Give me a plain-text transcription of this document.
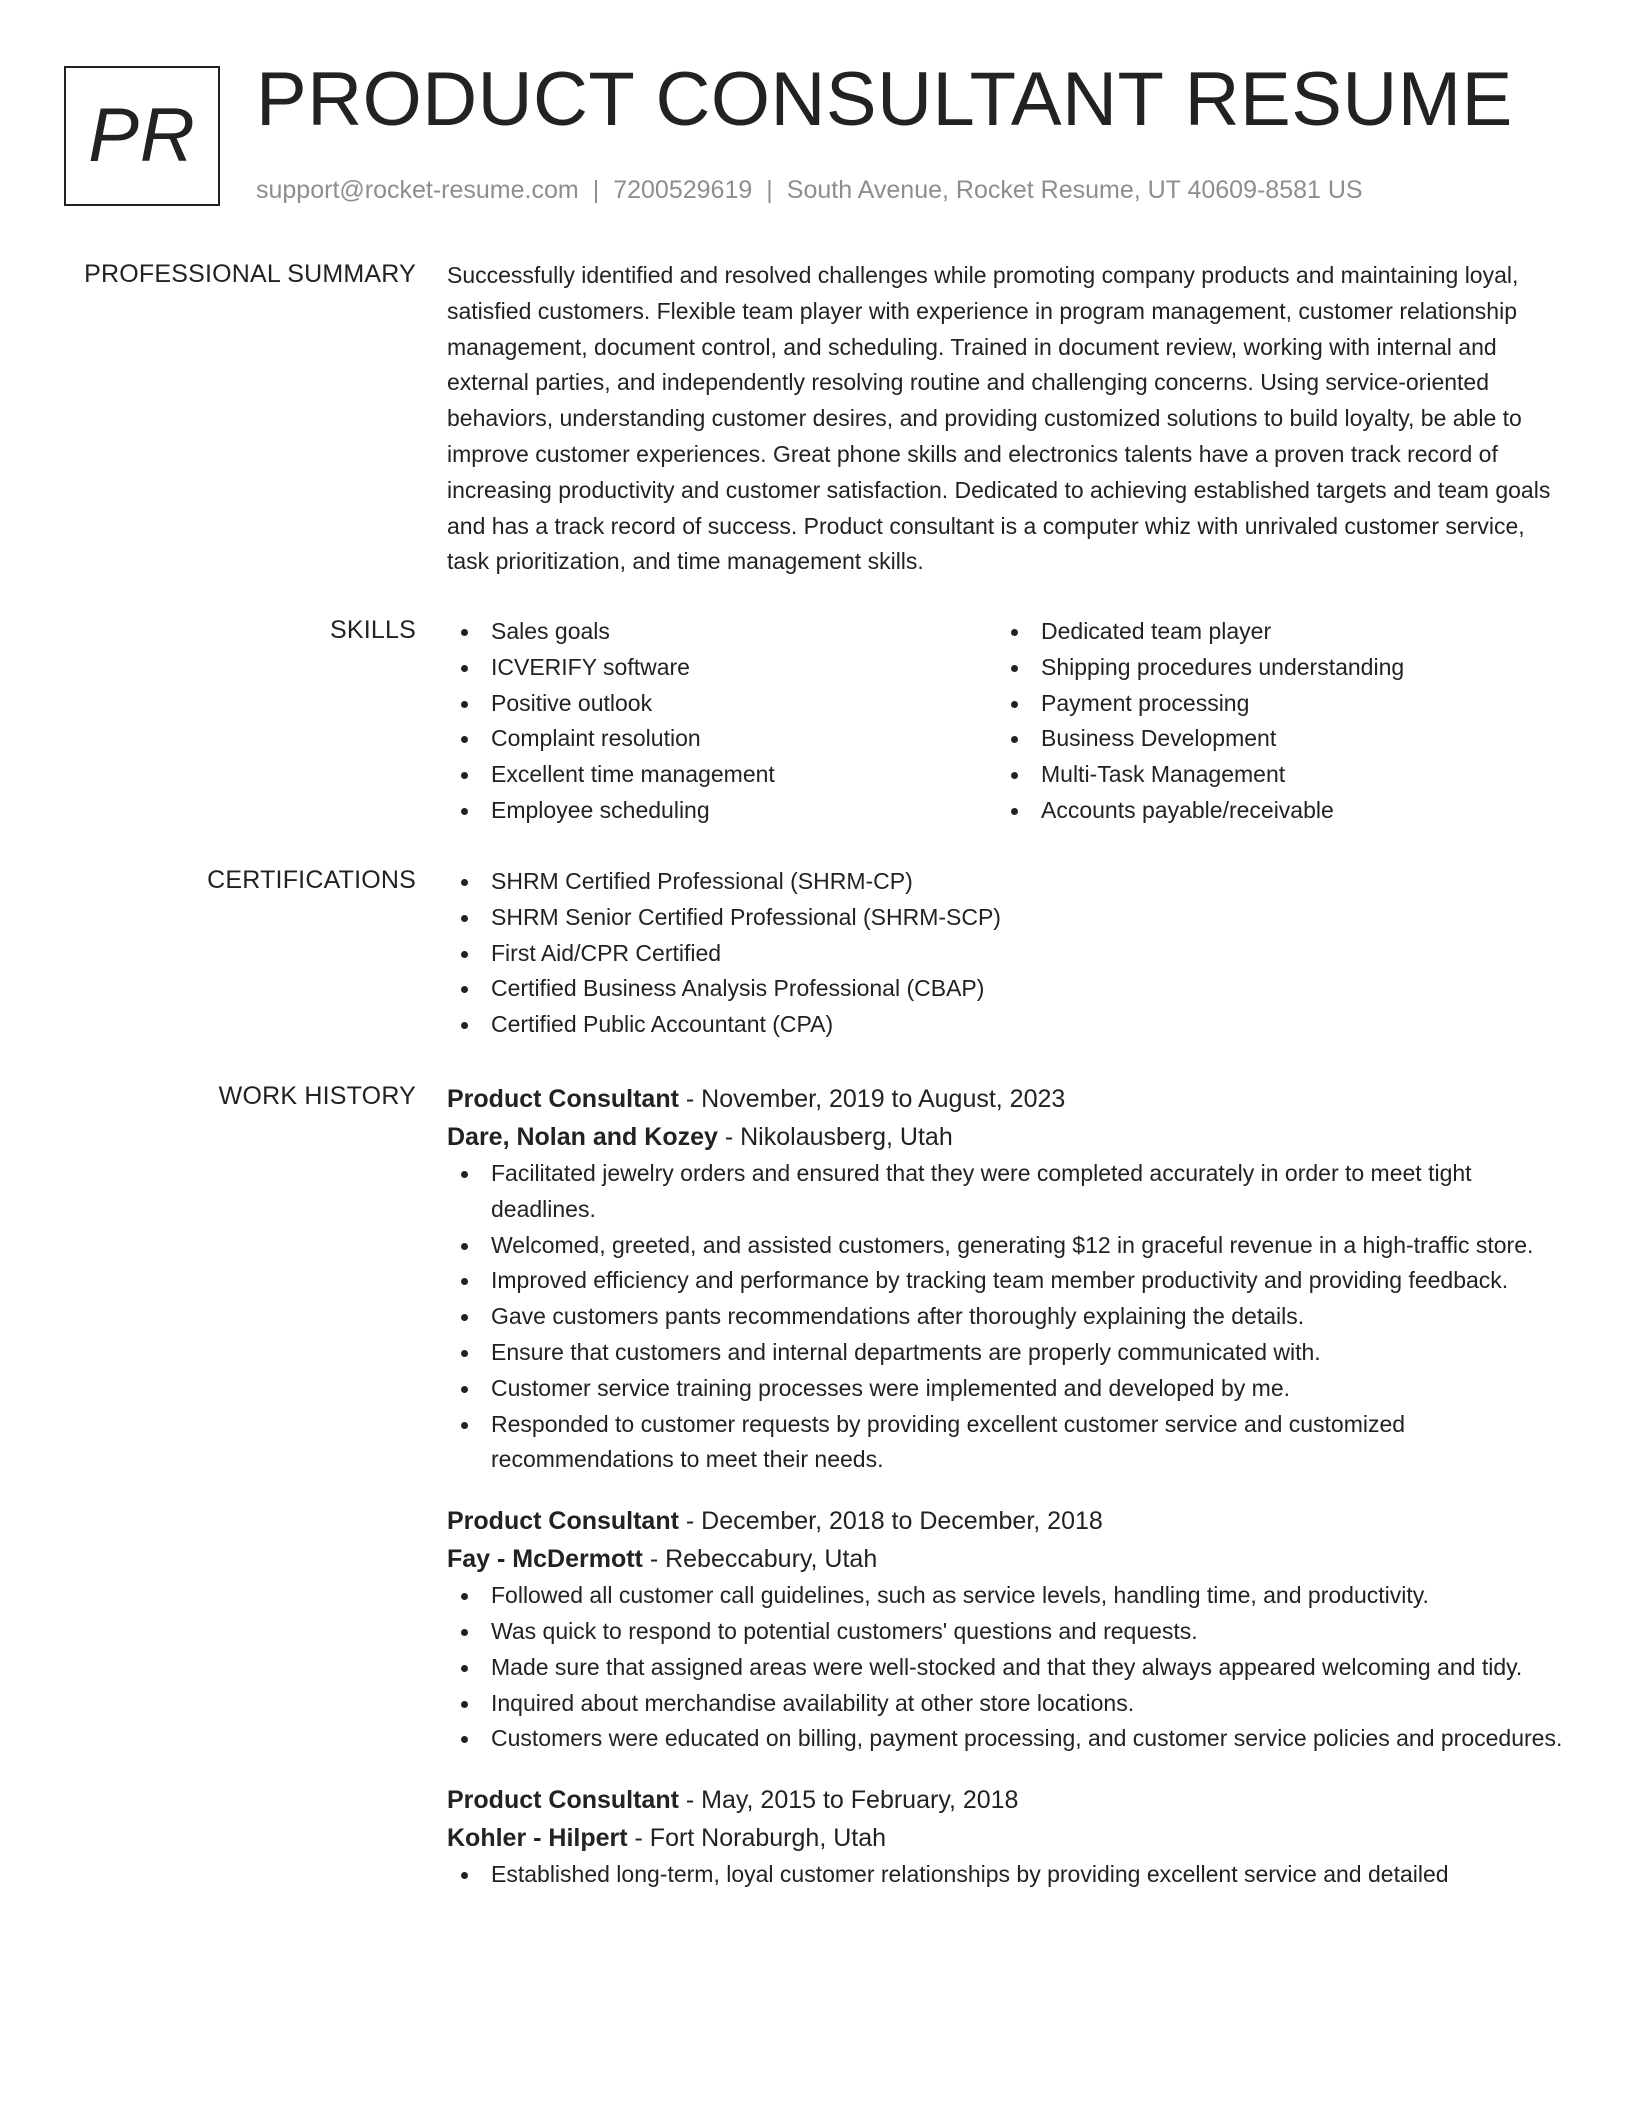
PR PRODUCT CONSULTANT RESUME
support@rocket-resume.com | 7200529619 | South Avenue, Rocket Resume, UT 40609-8581 US
PROFESSIONAL SUMMARY Successfully identified and resolved challenges while promoting company products and maintaining loyal, satisfied customers. Flexible team player with experience in program management, customer relationship management, document control, and scheduling. Trained in document review, working with internal and external parties, and independently resolving routine and challenging concerns. Using service-oriented behaviors, understanding customer desires, and providing customized solutions to build loyalty, be able to improve customer experiences. Great phone skills and electronics talents have a proven track record of increasing productivity and customer satisfaction. Dedicated to achieving established targets and team goals and has a track record of success. Product consultant is a computer whiz with unrivaled customer service, task prioritization, and time management skills.

SKILLS	Sales goals
ICVERIFY software
Positive outlook
Complaint resolution
Excellent time management
Employee scheduling
Dedicated team player
Shipping procedures understanding
Payment processing
Business Development
Multi-Task Management
Accounts payable/receivable
CERTIFICATIONS	SHRM Certified Professional (SHRM-CP)
SHRM Senior Certified Professional (SHRM-SCP)
First Aid/CPR Certified
Certified Business Analysis Professional (CBAP)
Certified Public Accountant (CPA)
WORK HISTORY Product Consultant - November, 2019 to August, 2023
Dare, Nolan and Kozey - Nikolausberg, Utah
Facilitated jewelry orders and ensured that they were completed accurately in order to meet tight deadlines.
Welcomed, greeted, and assisted customers, generating $12 in graceful revenue in a high-traffic store.
Improved efficiency and performance by tracking team member productivity and providing feedback.
Gave customers pants recommendations after thoroughly explaining the details.
Ensure that customers and internal departments are properly communicated with.
Customer service training processes were implemented and developed by me.
Responded to customer requests by providing excellent customer service and customized recommendations to meet their needs.
Product Consultant - December, 2018 to December, 2018
Fay - McDermott - Rebeccabury, Utah
Followed all customer call guidelines, such as service levels, handling time, and productivity.
Was quick to respond to potential customers' questions and requests.
Made sure that assigned areas were well-stocked and that they always appeared welcoming and tidy.
Inquired about merchandise availability at other store locations.
Customers were educated on billing, payment processing, and customer service policies and procedures.
Product Consultant - May, 2015 to February, 2018
Kohler - Hilpert - Fort Noraburgh, Utah
Established long-term, loyal customer relationships by providing excellent service and detailed
